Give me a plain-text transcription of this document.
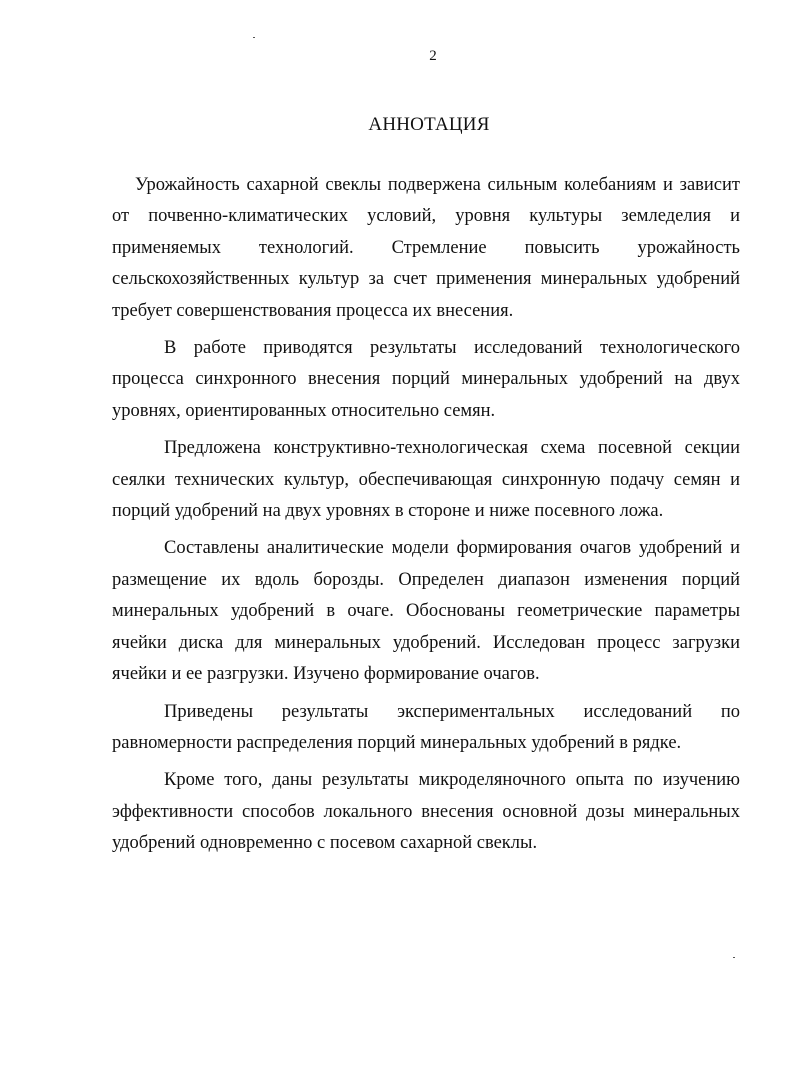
2
АННОТАЦИЯ

Урожайность сахарной свеклы подвержена сильным колебаниям и зависит от почвенно-климатических условий, уровня культуры земледелия и применяемых технологий. Стремление повысить урожайность сельскохозяйственных культур за счет применения минеральных удобрений требует совершенствования процесса их внесения.

В работе приводятся результаты исследований технологического процесса синхронного внесения порций минеральных удобрений на двух уровнях, ориентированных относительно семян.

Предложена конструктивно-технологическая схема посевной секции сеялки технических культур, обеспечивающая синхронную подачу семян и порций удобрений на двух уровнях в стороне и ниже посевного ложа.

Составлены аналитические модели формирования очагов удобрений и размещение их вдоль борозды. Определен диапазон изменения порций минеральных удобрений в очаге. Обоснованы геометрические параметры ячейки диска для минеральных удобрений. Исследован процесс загрузки ячейки и ее разгрузки. Изучено формирование очагов.

Приведены результаты экспериментальных исследований по равномерности распределения порций минеральных удобрений в рядке.

Кроме того, даны результаты микроделяночного опыта по изучению эффективности способов локального внесения основной дозы минеральных удобрений одновременно с посевом сахарной свеклы.
